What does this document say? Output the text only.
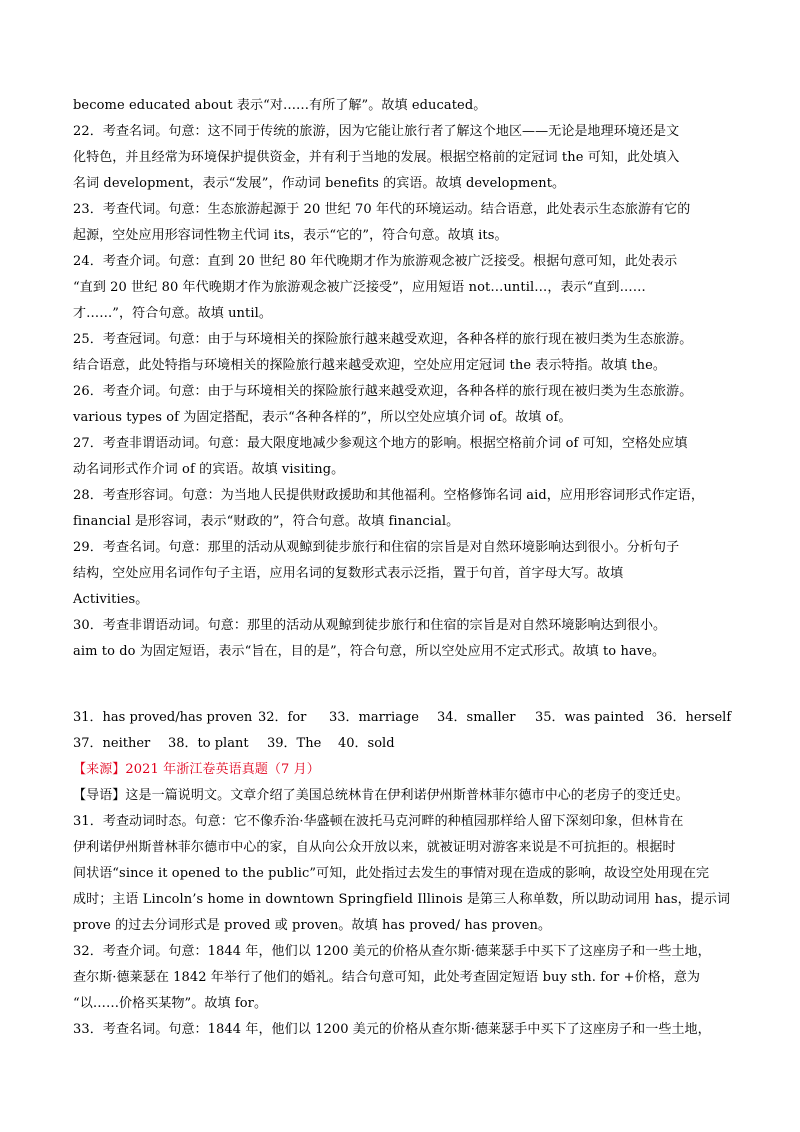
become educated about 表示“对……有所了解”。故填 educated。
22．考查名词。句意：这不同于传统的旅游，因为它能让旅行者了解这个地区——无论是地理环境还是文
化特色，并且经常为环境保护提供资金，并有利于当地的发展。根据空格前的定冠词 the 可知，此处填入
名词 development，表示“发展”，作动词 benefits 的宾语。故填 development。
23．考查代词。句意：生态旅游起源于 20 世纪 70 年代的环境运动。结合语意，此处表示生态旅游有它的
起源，空处应用形容词性物主代词 its，表示“它的”，符合句意。故填 its。
24．考查介词。句意：直到 20 世纪 80 年代晚期才作为旅游观念被广泛接受。根据句意可知，此处表示
“直到 20 世纪 80 年代晚期才作为旅游观念被广泛接受”，应用短语 not…until…，表示“直到……
才……”，符合句意。故填 until。
25．考查冠词。句意：由于与环境相关的探险旅行越来越受欢迎，各种各样的旅行现在被归类为生态旅游。
结合语意，此处特指与环境相关的探险旅行越来越受欢迎，空处应用定冠词 the 表示特指。故填 the。
26．考查介词。句意：由于与环境相关的探险旅行越来越受欢迎，各种各样的旅行现在被归类为生态旅游。
various types of 为固定搭配，表示“各种各样的”，所以空处应填介词 of。故填 of。
27．考查非谓语动词。句意：最大限度地减少参观这个地方的影响。根据空格前介词 of 可知，空格处应填
动名词形式作介词 of 的宾语。故填 visiting。
28．考查形容词。句意：为当地人民提供财政援助和其他福利。空格修饰名词 aid，应用形容词形式作定语，
financial 是形容词，表示“财政的”，符合句意。故填 financial。
29．考查名词。句意：那里的活动从观鲸到徒步旅行和住宿的宗旨是对自然环境影响达到很小。分析句子
结构，空处应用名词作句子主语，应用名词的复数形式表示泛指，置于句首，首字母大写。故填
Activities。
30．考查非谓语动词。句意：那里的活动从观鲸到徒步旅行和住宿的宗旨是对自然环境影响达到很小。
aim to do 为固定短语，表示“旨在，目的是”，符合句意，所以空处应用不定式形式。故填 to have。
31．has proved/has proven 32．for 33．marriage 34．smaller 35．was painted 36．herself
37．neither 38．to plant 39．The 40．sold
【来源】2021 年浙江卷英语真题（7 月）
【导语】这是一篇说明文。文章介绍了美国总统林肯在伊利诺伊州斯普林菲尔德市中心的老房子的变迁史。
31．考查动词时态。句意：它不像乔治·华盛顿在波托马克河畔的种植园那样给人留下深刻印象，但林肯在
伊利诺伊州斯普林菲尔德市中心的家，自从向公众开放以来，就被证明对游客来说是不可抗拒的。根据时
间状语“since it opened to the public”可知，此处指过去发生的事情对现在造成的影响，故设空处用现在完
成时；主语 Lincoln’s home in downtown Springfield Illinois 是第三人称单数，所以助动词用 has，提示词
prove 的过去分词形式是 proved 或 proven。故填 has proved/ has proven。
32．考查介词。句意：1844 年，他们以 1200 美元的价格从查尔斯·德莱瑟手中买下了这座房子和一些土地，
查尔斯·德莱瑟在 1842 年举行了他们的婚礼。结合句意可知，此处考查固定短语 buy sth. for +价格，意为
“以……价格买某物”。故填 for。
33．考查名词。句意：1844 年，他们以 1200 美元的价格从查尔斯·德莱瑟手中买下了这座房子和一些土地，
